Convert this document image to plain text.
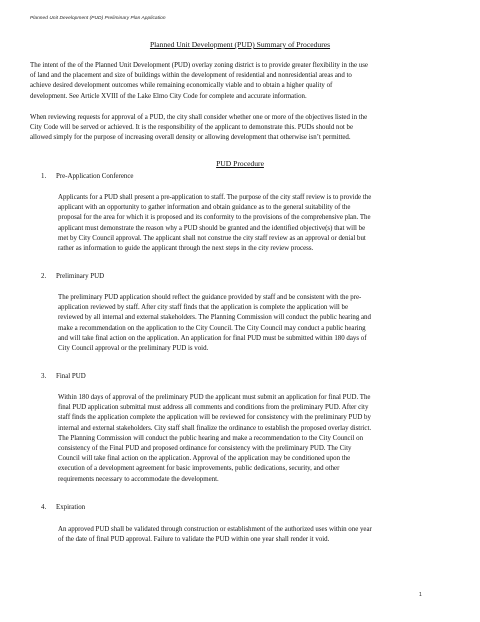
Planned Unit Development (PUD) Preliminary Plan Application
Planned Unit Development (PUD) Summary of Procedures
The intent of the of the Planned Unit Development (PUD) overlay zoning district is to provide greater flexibility in the use
of land and the placement and size of buildings within the development of residential and nonresidential areas and to
achieve desired development outcomes while remaining economically viable and to obtain a higher quality of
development. See Article XVIII of the Lake Elmo City Code for complete and accurate information.
When reviewing requests for approval of a PUD, the city shall consider whether one or more of the objectives listed in the
City Code will be served or achieved. It is the responsibility of the applicant to demonstrate this. PUDs should not be
allowed simply for the purpose of increasing overall density or allowing development that otherwise isn’t permitted.
PUD Procedure
1. Pre-Application Conference
Applicants for a PUD shall present a pre-application to staff. The purpose of the city staff review is to provide the
applicant with an opportunity to gather information and obtain guidance as to the general suitability of the
proposal for the area for which it is proposed and its conformity to the provisions of the comprehensive plan. The
applicant must demonstrate the reason why a PUD should be granted and the identified objective(s) that will be
met by City Council approval. The applicant shall not construe the city staff review as an approval or denial but
rather as information to guide the applicant through the next steps in the city review process.
2. Preliminary PUD
The preliminary PUD application should reflect the guidance provided by staff and be consistent with the pre-
application reviewed by staff. After city staff finds that the application is complete the application will be
reviewed by all internal and external stakeholders. The Planning Commission will conduct the public hearing and
make a recommendation on the application to the City Council. The City Council may conduct a public hearing
and will take final action on the application. An application for final PUD must be submitted within 180 days of
City Council approval or the preliminary PUD is void.
3. Final PUD
Within 180 days of approval of the preliminary PUD the applicant must submit an application for final PUD. The
final PUD application submittal must address all comments and conditions from the preliminary PUD. After city
staff finds the application complete the application will be reviewed for consistency with the preliminary PUD by
internal and external stakeholders. City staff shall finalize the ordinance to establish the proposed overlay district.
The Planning Commission will conduct the public hearing and make a recommendation to the City Council on
consistency of the Final PUD and proposed ordinance for consistency with the preliminary PUD. The City
Council will take final action on the application. Approval of the application may be conditioned upon the
execution of a development agreement for basic improvements, public dedications, security, and other
requirements necessary to accommodate the development.
4. Expiration
An approved PUD shall be validated through construction or establishment of the authorized uses within one year
of the date of final PUD approval. Failure to validate the PUD within one year shall render it void.
1
